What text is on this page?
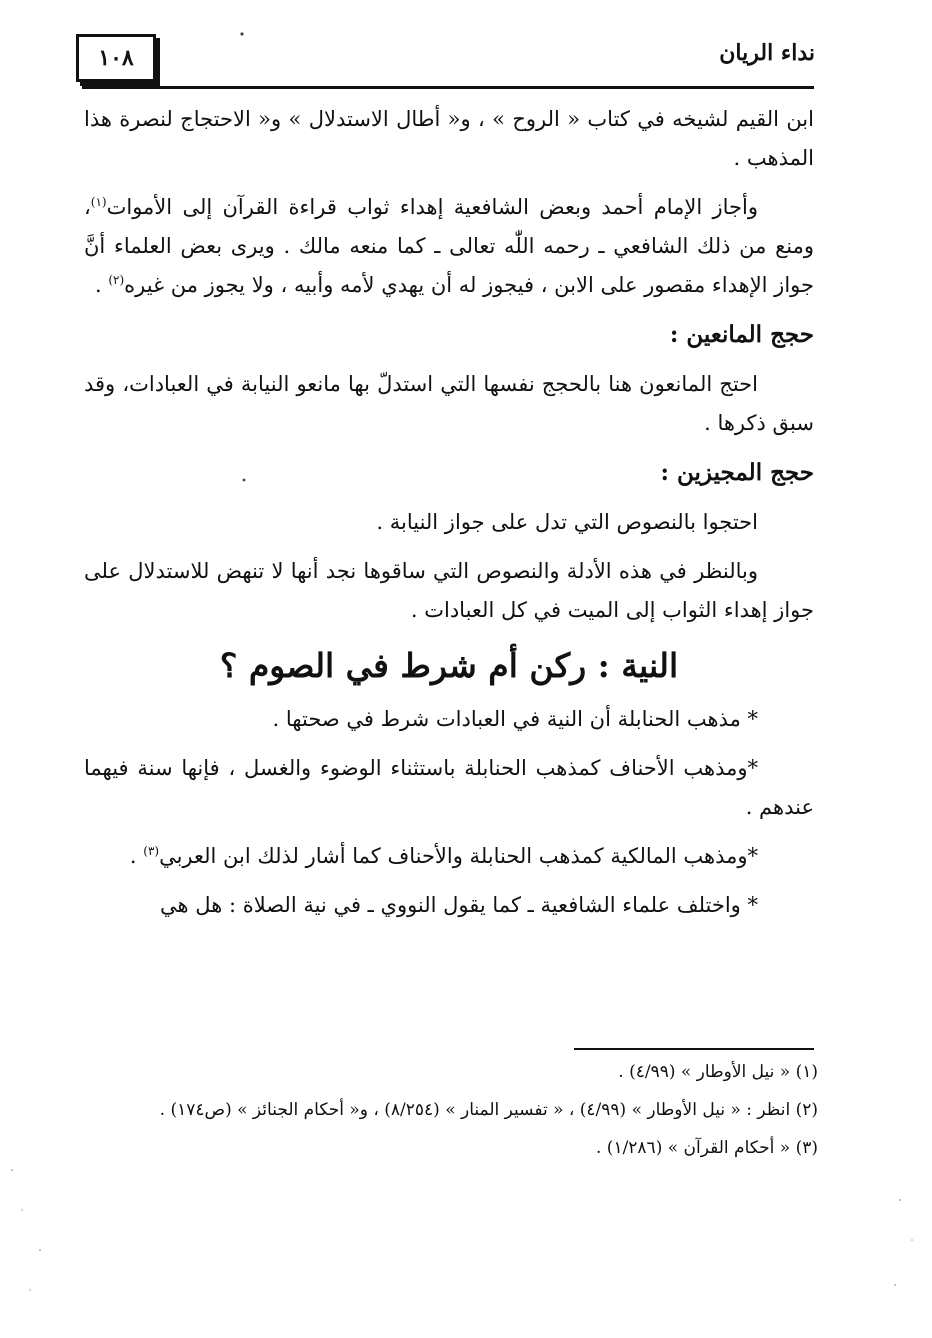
نداء الريان
١٠٨

ابن القيم لشيخه في كتاب « الروح » ، و« أطال الاستدلال » و« الاحتجاج لنصرة هذا المذهب .

وأجاز الإمام أحمد وبعض الشافعية إهداء ثواب قراءة القرآن إلى الأموات$^{(١)}$، ومنع من ذلك الشافعي ـ رحمه اللّٰه تعالى ـ كما منعه مالك . ويرى بعض العلماء أنَّ جواز الإهداء مقصور على الابن ، فيجوز له أن يهدي لأمه وأبيه ، ولا يجوز من غيره$^{(٢)}$ .

حجج المانعين :

احتج المانعون هنا بالحجج نفسها التي استدلّ بها مانعو النيابة في العبادات، وقد سبق ذكرها .

حجج المجيزين :

احتجوا بالنصوص التي تدل على جواز النيابة .

وبالنظر في هذه الأدلة والنصوص التي ساقوها نجد أنها لا تنهض للاستدلال على جواز إهداء الثواب إلى الميت في كل العبادات .

النية : ركن أم شرط في الصوم ؟

* مذهب الحنابلة أن النية في العبادات شرط في صحتها .

*ومذهب الأحناف كمذهب الحنابلة باستثناء الوضوء والغسل ، فإنها سنة فيهما عندهم .

*ومذهب المالكية كمذهب الحنابلة والأحناف كما أشار لذلك ابن العربي$^{(٣)}$ .

* واختلف علماء الشافعية ـ كما يقول النووي ـ في نية الصلاة : هل هي

(١) « نيل الأوطار » (٤/٩٩) .

(٢) انظر : « نيل الأوطار » (٤/٩٩) ، « تفسير المنار » (٨/٢٥٤) ، و« أحكام الجنائز » (ص١٧٤) .

(٣) « أحكام القرآن » (١/٢٨٦) .
